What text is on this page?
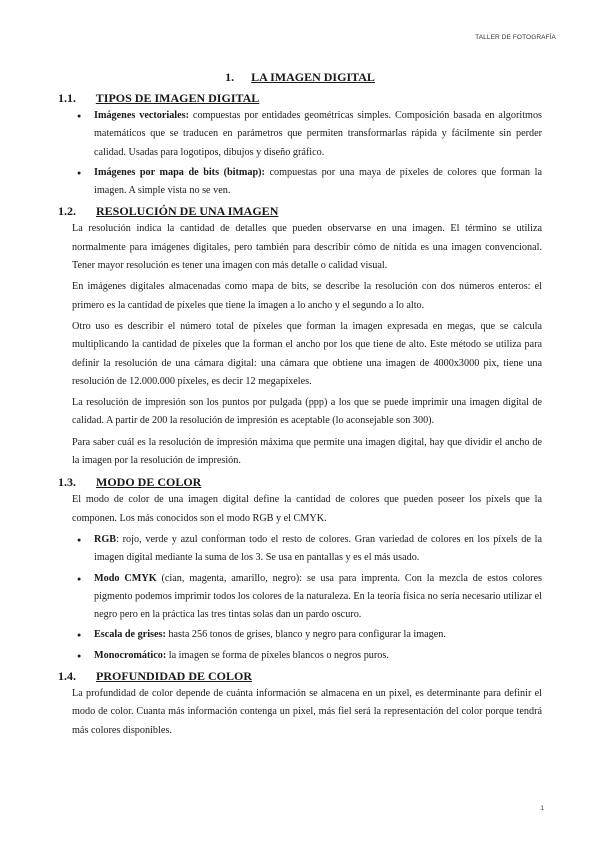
TALLER DE FOTOGRAFÍA
1. LA IMAGEN DIGITAL
1.1. TIPOS DE IMAGEN DIGITAL
● Imágenes vectoriales: compuestas por entidades geométricas simples. Composición basada en algoritmos matemáticos que se traducen en parámetros que permiten transformarlas rápida y fácilmente sin perder calidad. Usadas para logotipos, dibujos y diseño gráfico.
● Imágenes por mapa de bits (bitmap): compuestas por una maya de píxeles de colores que forman la imagen. A simple vista no se ven.
1.2. RESOLUCIÓN DE UNA IMAGEN

La resolución indica la cantidad de detalles que pueden observarse en una imagen. El término se utiliza normalmente para imágenes digitales, pero también para describir cómo de nítida es una imagen convencional. Tener mayor resolución es tener una imagen con más detalle o calidad visual.

En imágenes digitales almacenadas como mapa de bits, se describe la resolución con dos números enteros: el primero es la cantidad de píxeles que tiene la imagen a lo ancho y el segundo a lo alto.

Otro uso es describir el número total de píxeles que forman la imagen expresada en megas, que se calcula multiplicando la cantidad de píxeles que la forman el ancho por los que tiene de alto. Este método se utiliza para definir la resolución de una cámara digital: una cámara que obtiene una imagen de 4000x3000 pix, tiene una resolución de 12.000.000 píxeles, es decir 12 megapíxeles.

La resolución de impresión son los puntos por pulgada (ppp) a los que se puede imprimir una imagen digital de calidad. A partir de 200 la resolución de impresión es aceptable (lo aconsejable son 300).

Para saber cuál es la resolución de impresión máxima que permite una imagen digital, hay que dividir el ancho de la imagen por la resolución de impresión.

1.3. MODO DE COLOR

El modo de color de una imagen digital define la cantidad de colores que pueden poseer los píxels que la componen. Los más conocidos son el modo RGB y el CMYK.

● RGB: rojo, verde y azul conforman todo el resto de colores. Gran variedad de colores en los píxels de la imagen digital mediante la suma de los 3. Se usa en pantallas y es el más usado.
● Modo CMYK (cian, magenta, amarillo, negro): se usa para imprenta. Con la mezcla de estos colores pigmento podemos imprimir todos los colores de la naturaleza. En la teoría física no sería necesario utilizar el negro pero en la práctica las tres tintas solas dan un pardo oscuro.
● Escala de grises: hasta 256 tonos de grises, blanco y negro para configurar la imagen.
● Monocromático: la imagen se forma de píxeles blancos o negros puros.
1.4. PROFUNDIDAD DE COLOR

La profundidad de color depende de cuánta información se almacena en un pixel, es determinante para definir el modo de color. Cuanta más información contenga un pixel, más fiel será la representación del color porque tendrá más colores disponibles.

1
